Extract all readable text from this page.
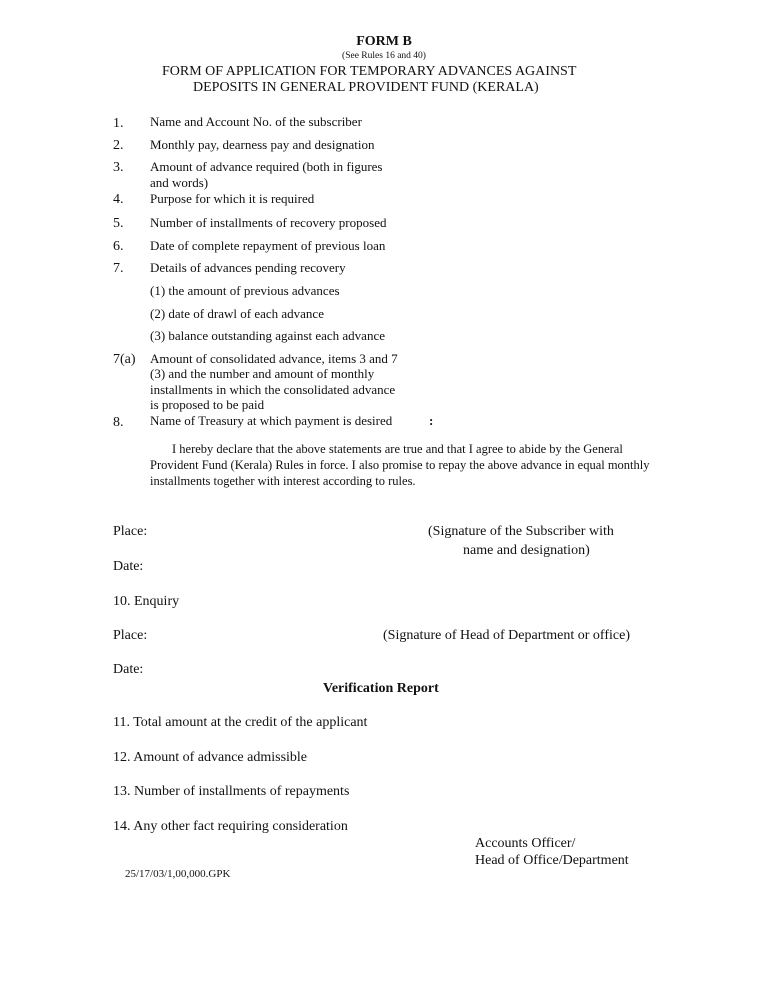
FORM B
(See Rules 16 and 40)
FORM OF APPLICATION FOR TEMPORARY ADVANCES AGAINST
DEPOSITS IN GENERAL PROVIDENT FUND (KERALA)
1. Name and Account No. of the subscriber
2. Monthly pay, dearness pay and designation
3. Amount of advance required (both in figures
and words)
4. Purpose for which it is required
5. Number of installments of recovery proposed
6. Date of complete repayment of previous loan
7. Details of advances pending recovery
(1) the amount of previous advances
(2) date of drawl of each advance
(3) balance outstanding against each advance
7(a) Amount of consolidated advance, items 3 and 7
(3) and the number and amount of monthly
installments in which the consolidated advance
is proposed to be paid
8. Name of Treasury at which payment is desired	:
I hereby declare that the above statements are true and that I agree to abide by the General Provident Fund (Kerala) Rules in force. I also promise to repay the above advance in equal monthly installments together with interest according to rules.
Place:	(Signature of the Subscriber with
name and designation)
Date:
10. Enquiry
Place:	(Signature of Head of Department or office)
Date:
Verification Report
11. Total amount at the credit of the applicant
12. Amount of advance admissible
13. Number of installments of repayments
14. Any other fact requiring consideration
Accounts Officer/
Head of Office/Department
25/17/03/1,00,000.GPK
